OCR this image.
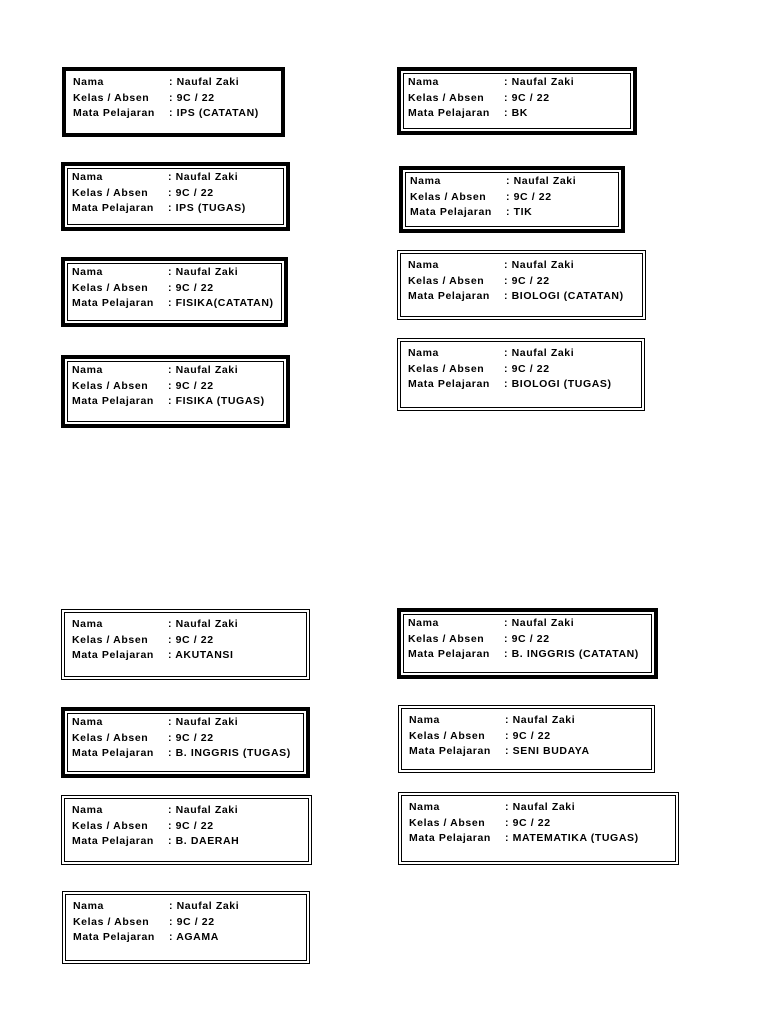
Nama	: Naufal Zaki
Kelas / Absen	: 9C / 22
Mata Pelajaran	: IPS (CATATAN)
Nama	: Naufal Zaki
Kelas / Absen	: 9C / 22
Mata Pelajaran	: IPS (TUGAS)
Nama	: Naufal Zaki
Kelas / Absen	: 9C / 22
Mata Pelajaran	: FISIKA(CATATAN)
Nama	: Naufal Zaki
Kelas / Absen	: 9C / 22
Mata Pelajaran	: FISIKA (TUGAS)
Nama	: Naufal Zaki
Kelas / Absen	: 9C / 22
Mata Pelajaran	: BK
Nama	: Naufal Zaki
Kelas / Absen	: 9C / 22
Mata Pelajaran	: TIK
Nama	: Naufal Zaki
Kelas / Absen	: 9C / 22
Mata Pelajaran	: BIOLOGI (CATATAN)
Nama	: Naufal Zaki
Kelas / Absen	: 9C / 22
Mata Pelajaran	: BIOLOGI (TUGAS)
Nama	: Naufal Zaki
Kelas / Absen	: 9C / 22
Mata Pelajaran	: AKUTANSI
Nama	: Naufal Zaki
Kelas / Absen	: 9C / 22
Mata Pelajaran	: B. INGGRIS (TUGAS)
Nama	: Naufal Zaki
Kelas / Absen	: 9C / 22
Mata Pelajaran	: B. DAERAH
Nama	: Naufal Zaki
Kelas / Absen	: 9C / 22
Mata Pelajaran	: AGAMA
Nama	: Naufal Zaki
Kelas / Absen	: 9C / 22
Mata Pelajaran	: B. INGGRIS (CATATAN)
Nama	: Naufal Zaki
Kelas / Absen	: 9C / 22
Mata Pelajaran	: SENI BUDAYA
Nama	: Naufal Zaki
Kelas / Absen	: 9C / 22
Mata Pelajaran	: MATEMATIKA (TUGAS)
